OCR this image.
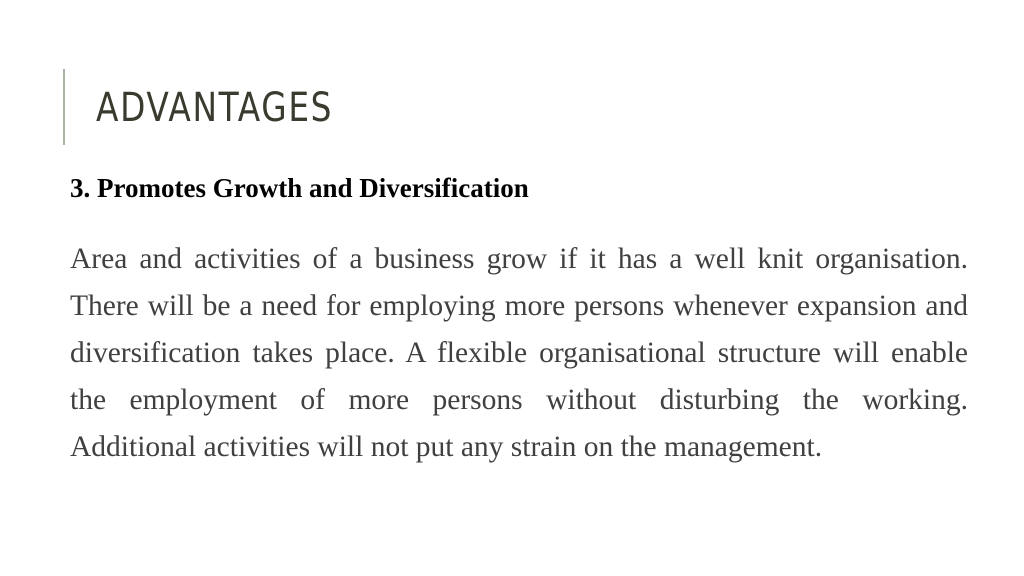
ADVANTAGES
3. Promotes Growth and Diversification

Area and activities of a business grow if it has a well knit organisation. There will be a need for employing more persons whenever expansion and diversification takes place. A flexible organisational structure will enable the employment of more persons without disturbing the working. Additional activities will not put any strain on the management.
